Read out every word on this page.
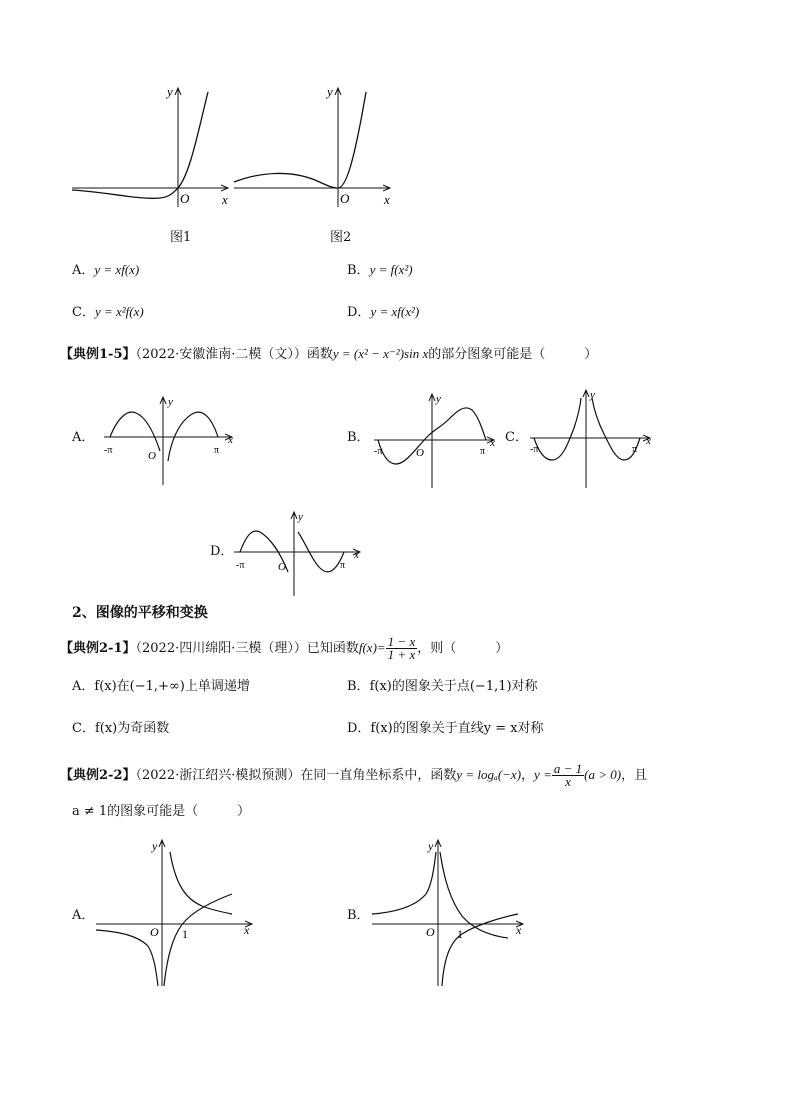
y
x
O
图1
y
x
O
图2
A．y = xf(x)	B．y = f(x²)
C．y = x²f(x)	D．y = xf(x²)
【典例1-5】（2022·安徽淮南·二模（文））函数y = (x² − x⁻²)sin x的部分图象可能是（　　　）
A．
y
x
O
-π	π
B．
y
x
O
-π	π
C．
y
x
-π	π
D．
y
x
O
-π	π
2、图像的平移和变换
【典例2-1】（2022·四川绵阳·三模（理））已知函数$f(x)= \frac{1 - x}{1 + x}$ ，则（　　　）
A．f(x)在(−1,+∞)上单调递增	B．f(x)的图象关于点(−1,1)对称
C．f(x)为奇函数	D．f(x)的图象关于直线y = x对称
【典例2-2】（2022·浙江绍兴·模拟预测）在同一直角坐标系中，函数y = logₐ(−x)，$y = \frac{a - 1}{x} (a > 0)$，且
a ≠ 1的图象可能是（　　　）
A．
y
x
O 1
B．
y
x
O 1
